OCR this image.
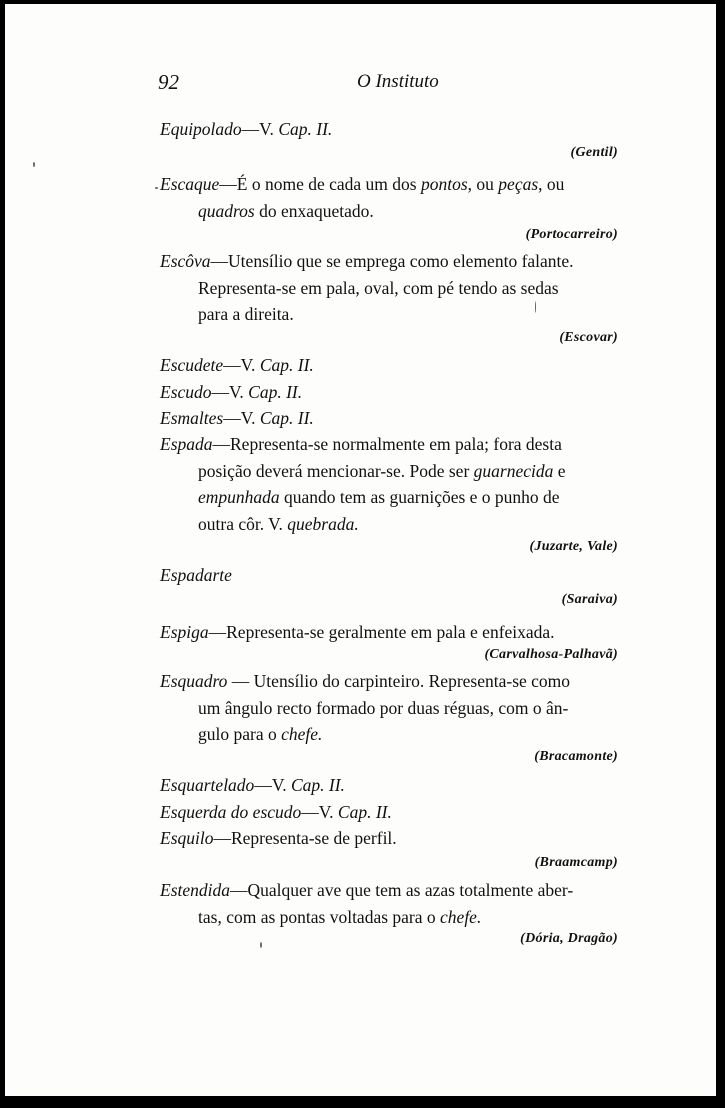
92	O Instituto
Equipolado—V. Cap. II.
(Gentil)
Escaque—É o nome de cada um dos pontos, ou peças, ou
quadros do enxaquetado.
(Portocarreiro)
Escôva—Utensílio que se emprega como elemento falante.
Representa-se em pala, oval, com pé tendo as sedas
para a direita.
(Escovar)
Escudete—V. Cap. II.
Escudo—V. Cap. II.
Esmaltes—V. Cap. II.
Espada—Representa-se normalmente em pala; fora desta
posição deverá mencionar-se. Pode ser guarnecida e
empunhada quando tem as guarnições e o punho de
outra côr. V. quebrada.
(Juzarte, Vale)
Espadarte
(Saraiva)
Espiga—Representa-se geralmente em pala e enfeixada.
(Carvalhosa-Palhavã)
Esquadro — Utensílio do carpinteiro. Representa-se como
um ângulo recto formado por duas réguas, com o ân-
gulo para o chefe.
(Bracamonte)
Esquartelado—V. Cap. II.
Esquerda do escudo—V. Cap. II.
Esquilo—Representa-se de perfil.
(Braamcamp)
Estendida—Qualquer ave que tem as azas totalmente aber-
tas, com as pontas voltadas para o chefe.
(Dória, Dragão)
